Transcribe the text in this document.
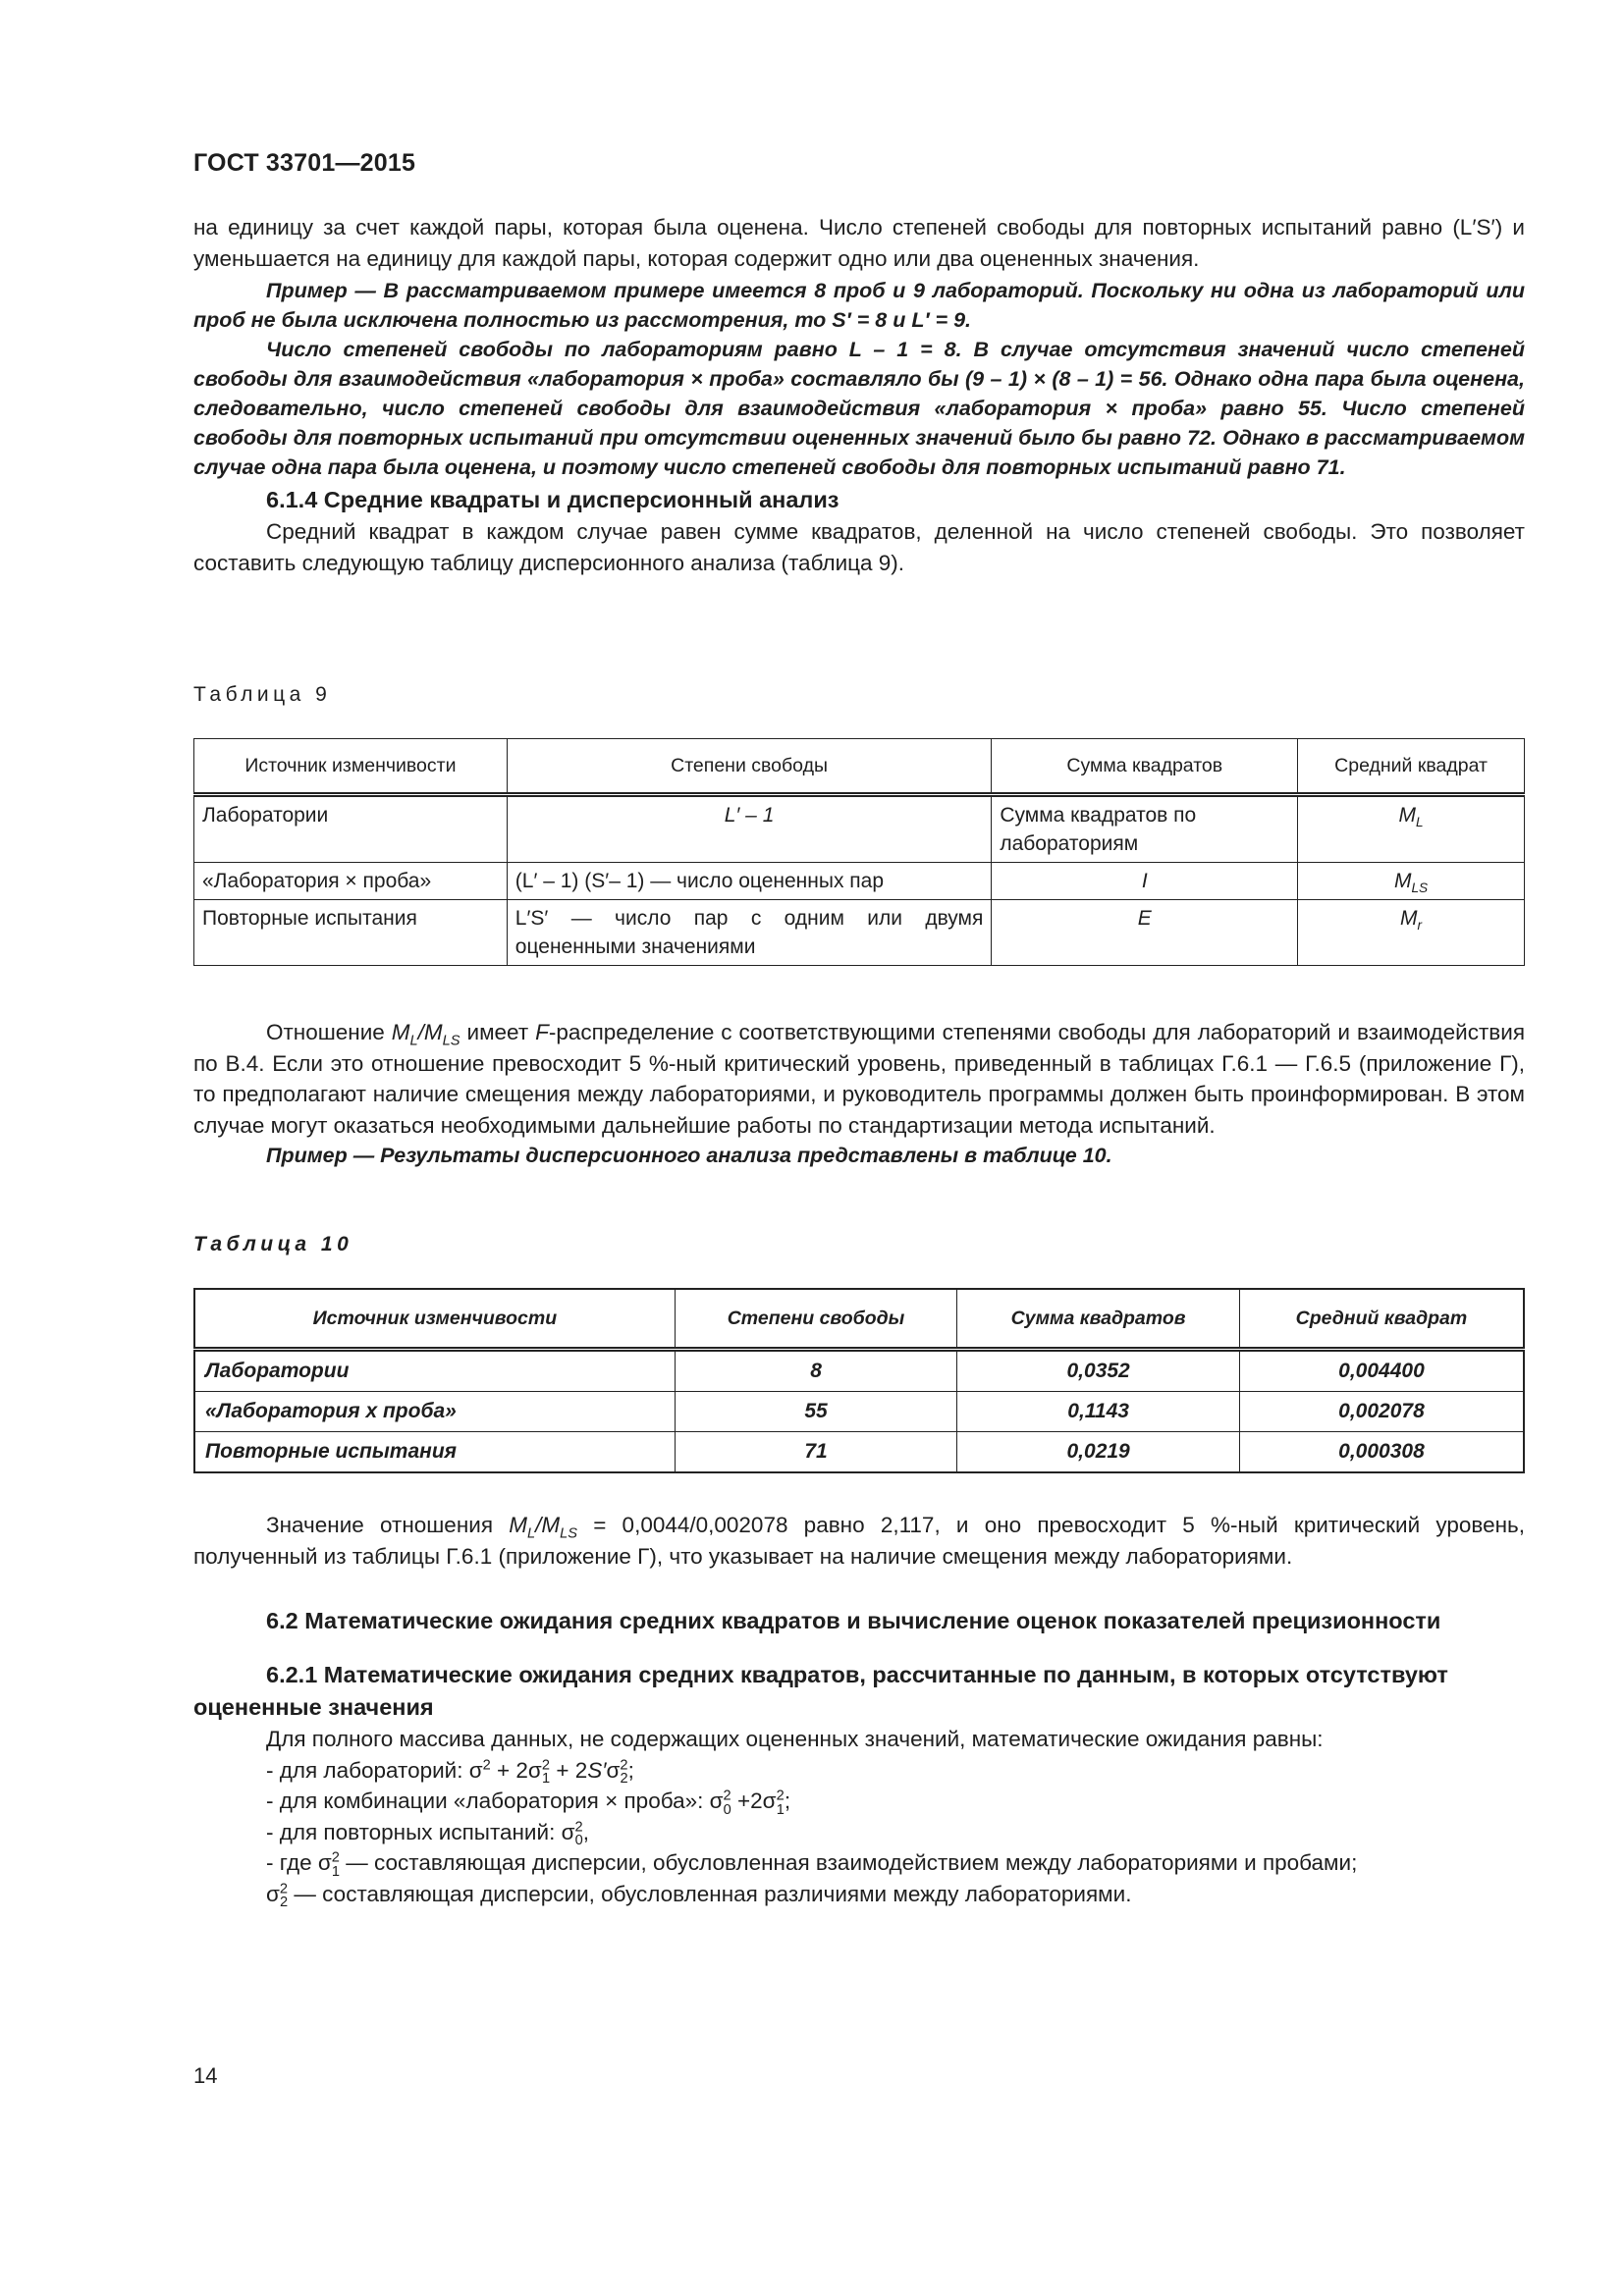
ГОСТ 33701—2015

на единицу за счет каждой пары, которая была оценена. Число степеней свободы для повторных испытаний равно (L′S′) и уменьшается на единицу для каждой пары, которая содержит одно или два оцененных значения.

Пример — В рассматриваемом примере имеется 8 проб и 9 лабораторий. Поскольку ни одна из лабораторий или проб не была исключена полностью из рассмотрения, то S′ = 8 и L′ = 9.

Число степеней свободы по лабораториям равно L – 1 = 8. В случае отсутствия значений число степеней свободы для взаимодействия «лаборатория × проба» составляло бы (9 – 1) × (8 – 1) = 56. Однако одна пара была оценена, следовательно, число степеней свободы для взаимодействия «лаборатория × проба» равно 55. Число степеней свободы для повторных испытаний при отсутствии оцененных значений было бы равно 72. Однако в рассматриваемом случае одна пара была оценена, и поэтому число степеней свободы для повторных испытаний равно 71.

6.1.4 Средние квадраты и дисперсионный анализ

Средний квадрат в каждом случае равен сумме квадратов, деленной на число степеней свободы. Это позволяет составить следующую таблицу дисперсионного анализа (таблица 9).

Таблица 9
Источник изменчивости	Степени свободы	Сумма квадратов	Средний квадрат
Лаборатории	L′ – 1	Сумма квадратов по лабораториям	$M_L$
«Лаборатория × проба»	(L′ – 1) (S′– 1) — число оцененных пар	I	$M_{LS}$
Повторные испытания	L′S′ — число пар с одним или двумя оцененными значениями	E	$M_r$

Отношение $M_L/M_{LS}$ имеет F-распределение с соответствующими степенями свободы для лабораторий и взаимодействия по В.4. Если это отношение превосходит 5 %-ный критический уровень, приведенный в таблицах Г.6.1 — Г.6.5 (приложение Г), то предполагают наличие смещения между лабораториями, и руководитель программы должен быть проинформирован. В этом случае могут оказаться необходимыми дальнейшие работы по стандартизации метода испытаний.

Пример — Результаты дисперсионного анализа представлены в таблице 10.

Таблица 10
Источник изменчивости	Степени свободы	Сумма квадратов	Средний квадрат
Лаборатории	8	0,0352	0,004400
«Лаборатория х проба»	55	0,1143	0,002078
Повторные испытания	71	0,0219	0,000308

Значение отношения $M_L/M_{LS} = 0,0044/0,002078$ равно 2,117, и оно превосходит 5 %-ный критический уровень, полученный из таблицы Г.6.1 (приложение Г), что указывает на наличие смещения между лабораториями.

6.2 Математические ожидания средних квадратов и вычисление оценок показателей прецизионности

6.2.1 Математические ожидания средних квадратов, рассчитанные по данным, в которых отсутствуют оцененные значения

Для полного массива данных, не содержащих оцененных значений, математические ожидания равны:

- для лабораторий: $\sigma^2 + 2\sigma^2_1 + 2S'\sigma^2_2$;

- для комбинации «лаборатория × проба»: $\sigma^2_0 +2\sigma^2_1$;

- для повторных испытаний: $\sigma^2_0$,

- где $\sigma^2_1$ — составляющая дисперсии, обусловленная взаимодействием между лабораториями и пробами;

$\sigma^2_2$ — составляющая дисперсии, обусловленная различиями между лабораториями.

14
